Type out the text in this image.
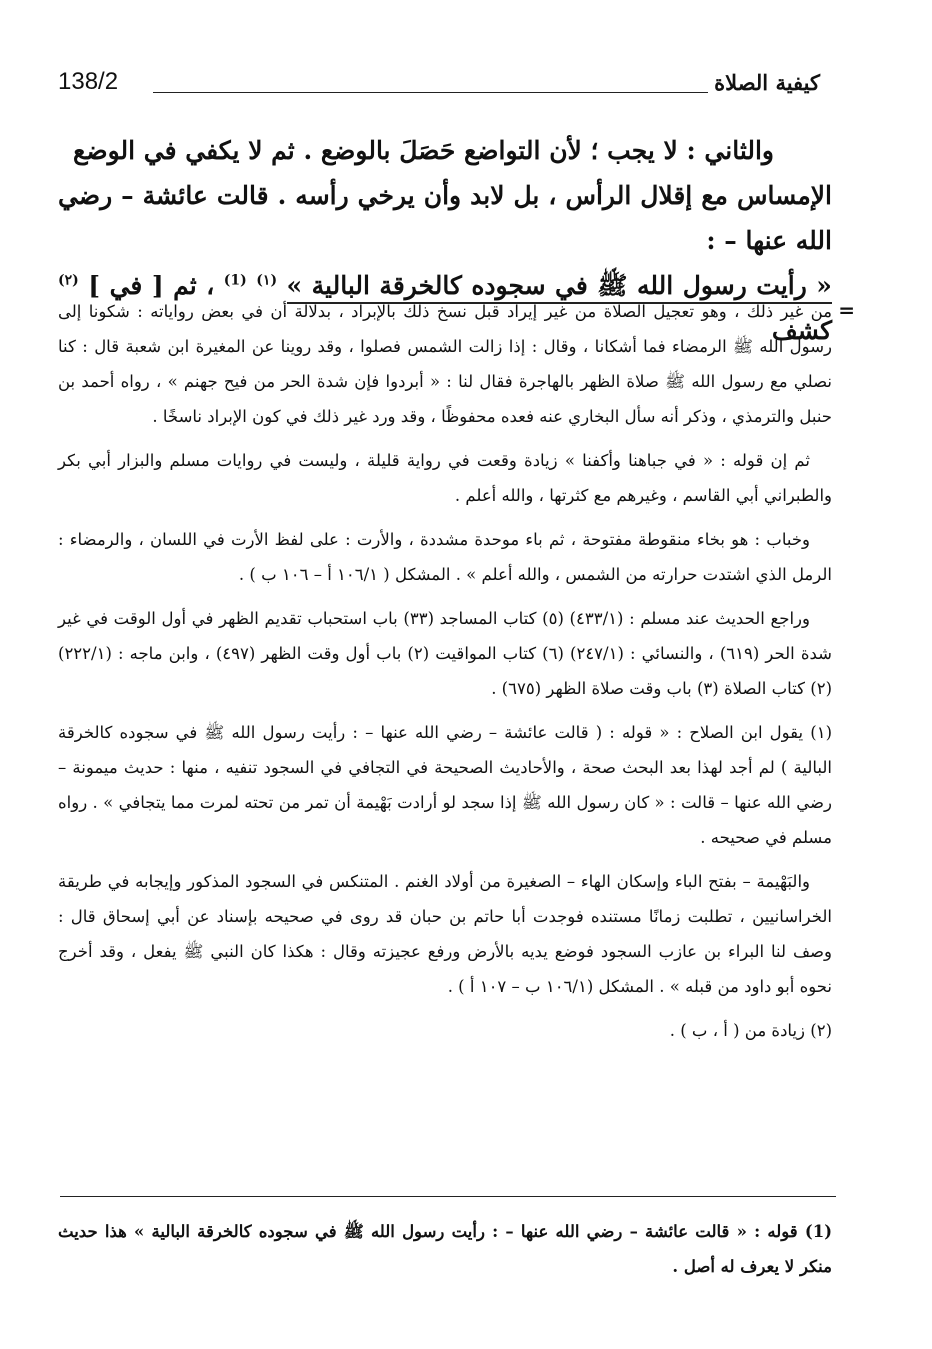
138/2	كيفية الصلاة

والثاني : لا يجب ؛ لأن التواضع حَصَلَ بالوضع . ثم لا يكفي في الوضع

الإمساس مع إقلال الرأس ، بل لابد وأن يرخي رأسه . قالت عائشة – رضي الله عنها – :

« رأيت رسول الله ﷺ في سجوده كالخرقة البالية » $^{(١)}$ $^{(1)}$ ، ثم [ في ] $^{(٢)}$ كشف

=

من غير ذلك ، وهو تعجيل الصلاة من غير إيراد قبل نسخ ذلك بالإبراد ، بدلالة أن في بعض رواياته : شكونا إلى رسول الله ﷺ الرمضاء فما أشكانا ، وقال : إذا زالت الشمس فصلوا ، وقد روينا عن المغيرة ابن شعبة قال : كنا نصلي مع رسول الله ﷺ صلاة الظهر بالهاجرة فقال لنا : « أبردوا فإن شدة الحر من فيح جهنم » ، رواه أحمد بن حنبل والترمذي ، وذكر أنه سأل البخاري عنه فعده محفوظًا ، وقد ورد غير ذلك في كون الإبراد ناسخًا .

ثم إن قوله : « في جباهنا وأكفنا » زيادة وقعت في رواية قليلة ، وليست في روايات مسلم والبزار أبي بكر والطبراني أبي القاسم ، وغيرهم مع كثرتها ، والله أعلم .

وخباب : هو بخاء منقوطة مفتوحة ، ثم باء موحدة مشددة ، والأرت : على لفظ الأرت في اللسان ، والرمضاء : الرمل الذي اشتدت حرارته من الشمس ، والله أعلم » . المشكل ( ١٠٦/١ أ – ١٠٦ ب ) .

وراجع الحديث عند مسلم : (٤٣٣/١) (٥) كتاب المساجد (٣٣) باب استحباب تقديم الظهر في أول الوقت في غير شدة الحر (٦١٩) ، والنسائي : (٢٤٧/١) (٦) كتاب المواقيت (٢) باب أول وقت الظهر (٤٩٧) ، وابن ماجه : (٢٢٢/١) (٢) كتاب الصلاة (٣) باب وقت صلاة الظهر (٦٧٥) .

(١) يقول ابن الصلاح : « قوله : ( قالت عائشة – رضي الله عنها – : رأيت رسول الله ﷺ في سجوده كالخرقة البالية ) لم أجد لهذا بعد البحث صحة ، والأحاديث الصحيحة في التجافي في السجود تنفيه ، منها : حديث ميمونة – رضي الله عنها – قالت : « كان رسول الله ﷺ إذا سجد لو أرادت بَهْيمة أن تمر من تحته لمرت مما يتجافي » . رواه مسلم في صحيحه .

والبَهْيمة – بفتح الباء وإسكان الهاء – الصغيرة من أولاد الغنم . المتنكس في السجود المذكور وإيجابه في طريقة الخراسانيين ، تطلبت زمانًا مستنده فوجدت أبا حاتم بن حبان قد روى في صحيحه بإسناد عن أبي إسحاق قال : وصف لنا البراء بن عازب السجود فوضع يديه بالأرض ورفع عجيزته وقال : هكذا كان النبي ﷺ يفعل ، وقد أخرج نحوه أبو داود من قبله » . المشكل (١٠٦/١ ب – ١٠٧ أ ) .

(٢) زيادة من ( أ ، ب ) .

(1) قوله : « قالت عائشة – رضي الله عنها – : رأيت رسول الله ﷺ في سجوده كالخرقة البالية » هذا حديث منكر لا يعرف له أصل .
